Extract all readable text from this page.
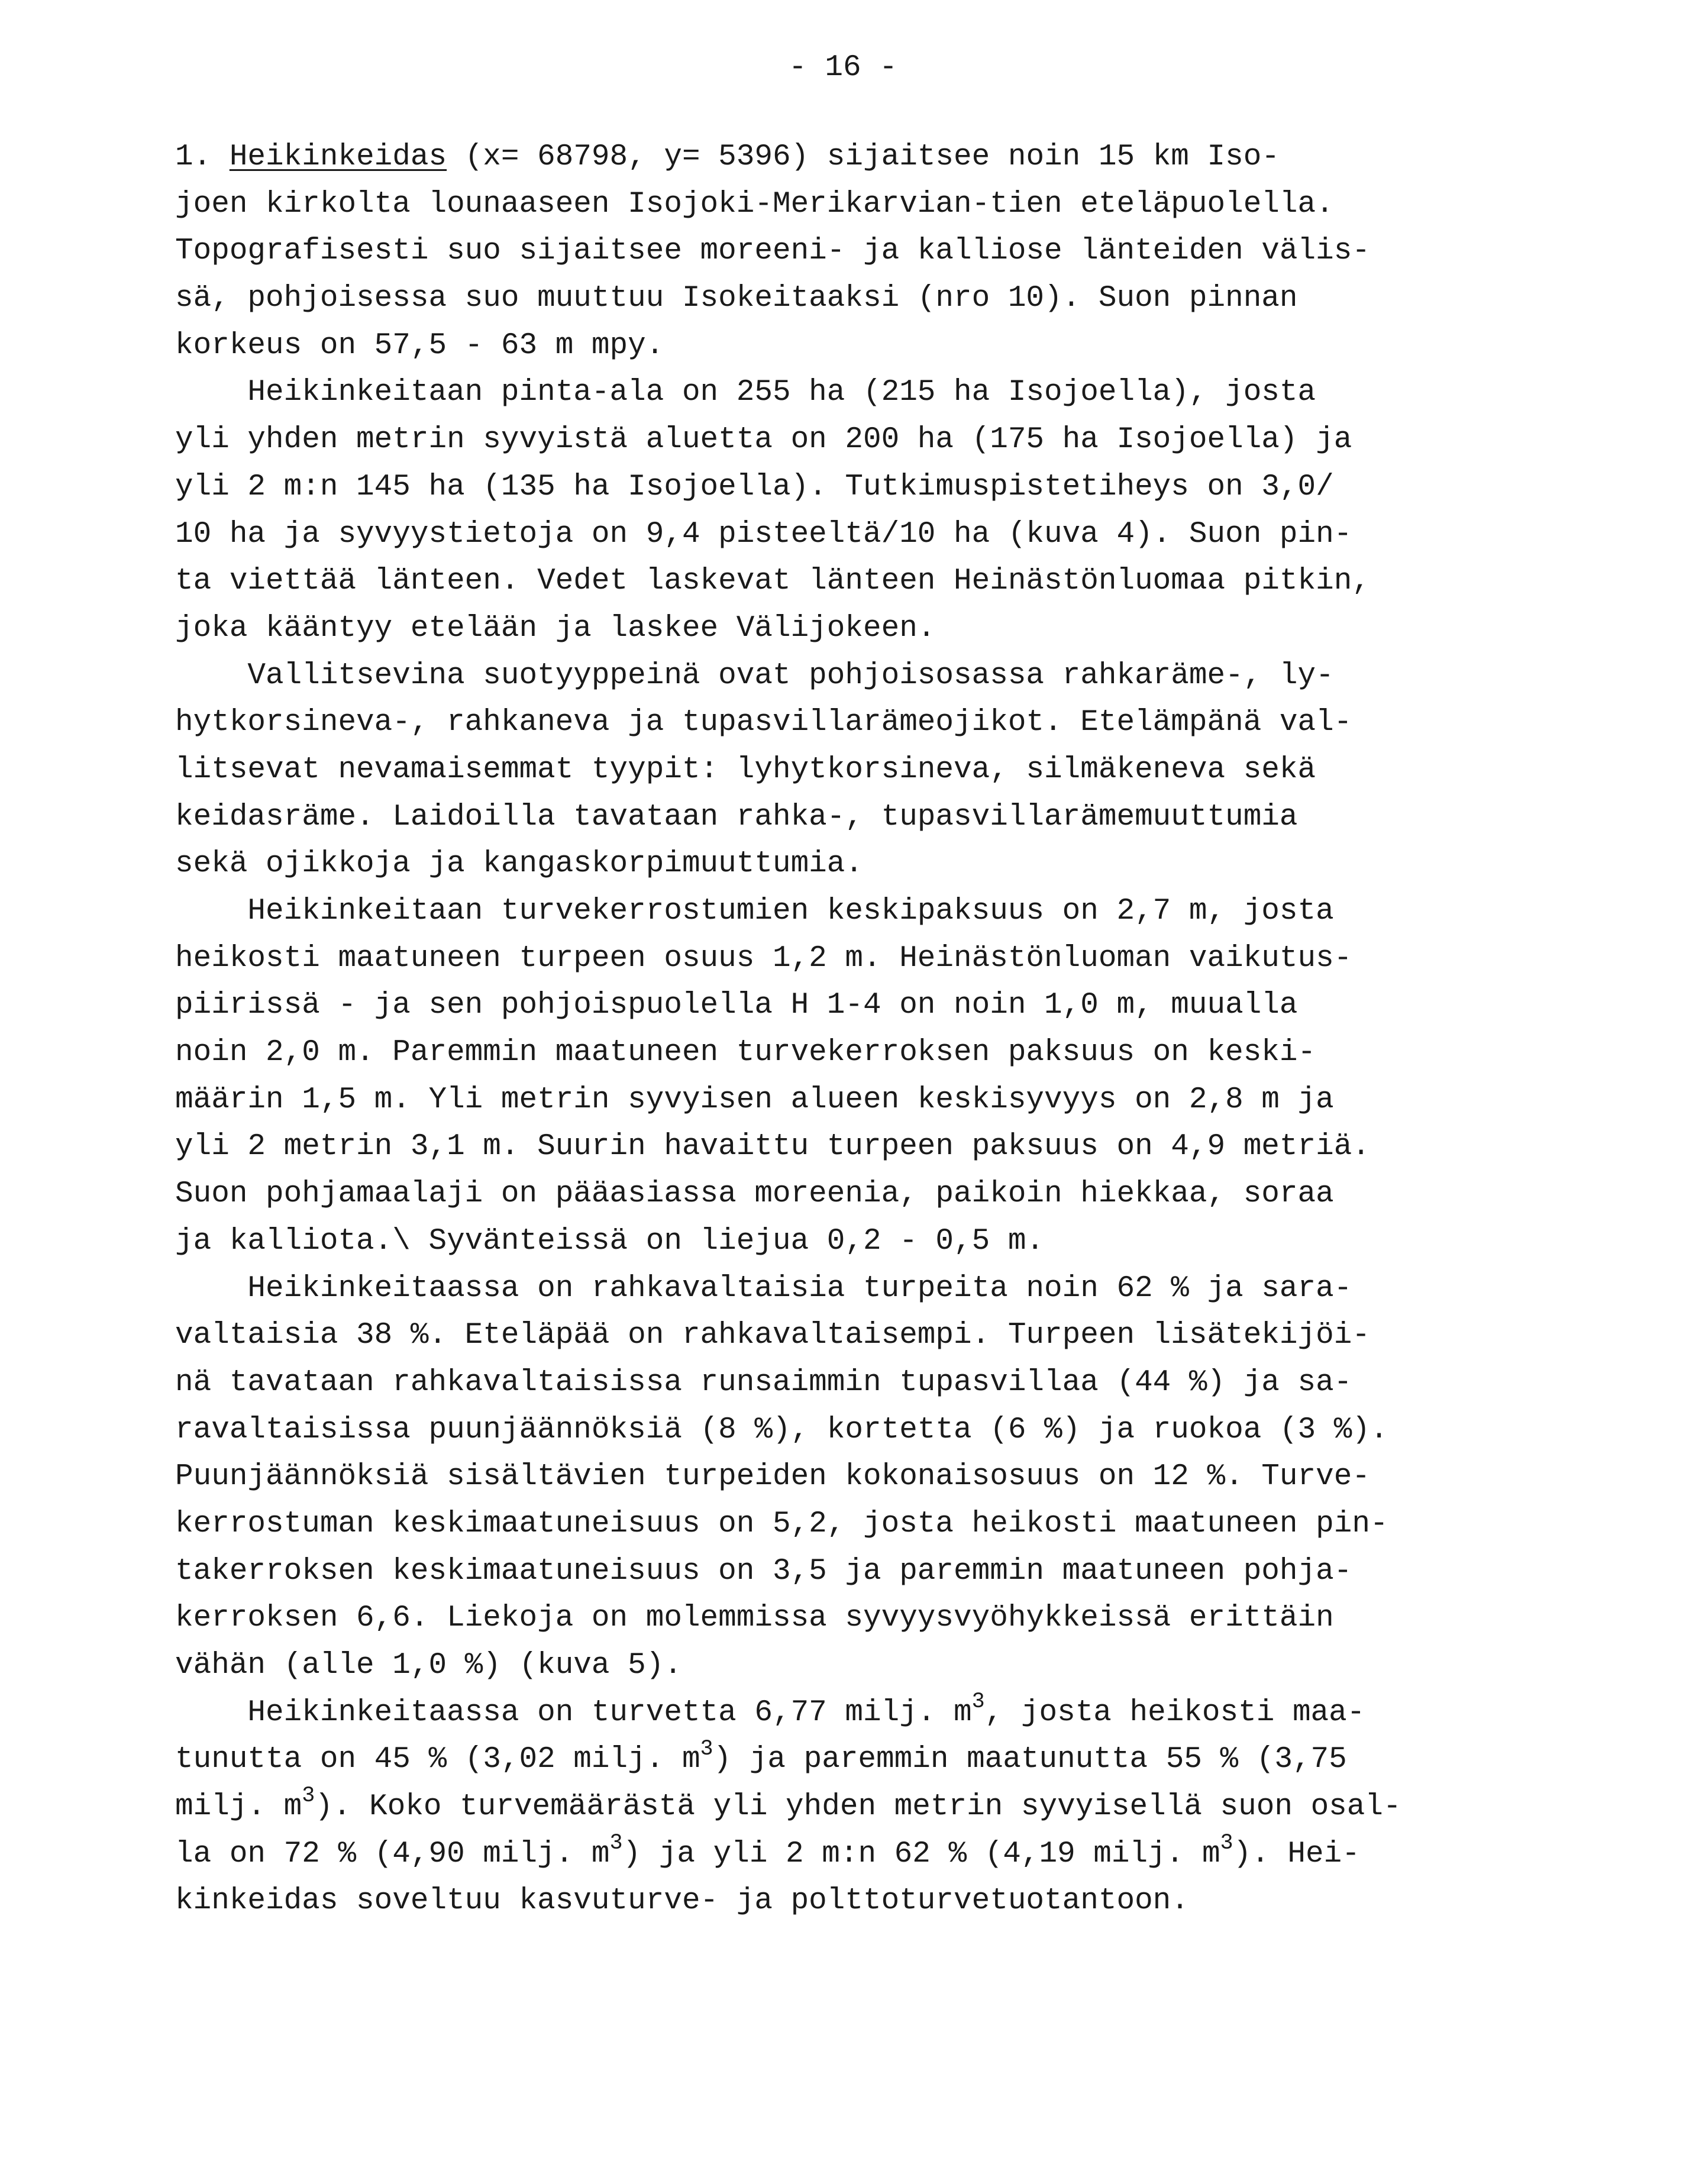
- 16 -
1. Heikinkeidas (x= 68798, y= 5396) sijaitsee noin 15 km Iso-
joen kirkolta lounaaseen Isojoki-Merikarvian-tien eteläpuolella.
Topografisesti suo sijaitsee moreeni- ja kalliose länteiden välis-
sä, pohjoisessa suo muuttuu Isokeitaaksi (nro 10). Suon pinnan
korkeus on 57,5 - 63 m mpy.
Heikinkeitaan pinta-ala on 255 ha (215 ha Isojoella), josta
yli yhden metrin syvyistä aluetta on 200 ha (175 ha Isojoella) ja
yli 2 m:n 145 ha (135 ha Isojoella). Tutkimuspistetiheys on 3,0/
10 ha ja syvyystietoja on 9,4 pisteeltä/10 ha (kuva 4). Suon pin-
ta viettää länteen. Vedet laskevat länteen Heinästönluomaa pitkin,
joka kääntyy etelään ja laskee Välijokeen.
Vallitsevina suotyyppeinä ovat pohjoisosassa rahkaräme-, ly-
hytkorsineva-, rahkaneva ja tupasvillarämeojikot. Etelämpänä val-
litsevat nevamaisemmat tyypit: lyhytkorsineva, silmäkeneva sekä
keidasräme. Laidoilla tavataan rahka-, tupasvillarämemuuttumia
sekä ojikkoja ja kangaskorpimuuttumia.
Heikinkeitaan turvekerrostumien keskipaksuus on 2,7 m, josta
heikosti maatuneen turpeen osuus 1,2 m. Heinästönluoman vaikutus-
piirissä - ja sen pohjoispuolella H 1-4 on noin 1,0 m, muualla
noin 2,0 m. Paremmin maatuneen turvekerroksen paksuus on keski-
määrin 1,5 m. Yli metrin syvyisen alueen keskisyvyys on 2,8 m ja
yli 2 metrin 3,1 m. Suurin havaittu turpeen paksuus on 4,9 metriä.
Suon pohjamaalaji on pääasiassa moreenia, paikoin hiekkaa, soraa
ja kalliota.\ Syvänteissä on liejua 0,2 - 0,5 m.
Heikinkeitaassa on rahkavaltaisia turpeita noin 62 % ja sara-
valtaisia 38 %. Eteläpää on rahkavaltaisempi. Turpeen lisätekijöi-
nä tavataan rahkavaltaisissa runsaimmin tupasvillaa (44 %) ja sa-
ravaltaisissa puunjäännöksiä (8 %), kortetta (6 %) ja ruokoa (3 %).
Puunjäännöksiä sisältävien turpeiden kokonaisosuus on 12 %. Turve-
kerrostuman keskimaatuneisuus on 5,2, josta heikosti maatuneen pin-
takerroksen keskimaatuneisuus on 3,5 ja paremmin maatuneen pohja-
kerroksen 6,6. Liekoja on molemmissa syvyysvyöhykkeissä erittäin
vähän (alle 1,0 %) (kuva 5).
Heikinkeitaassa on turvetta 6,77 milj. $m^3$, josta heikosti maa-
tunutta on 45 % (3,02 milj. $m^3$) ja paremmin maatunutta 55 % (3,75
milj. $m^3$). Koko turvemäärästä yli yhden metrin syvyisellä suon osal-
la on 72 % (4,90 milj. $m^3$) ja yli 2 m:n 62 % (4,19 milj. $m^3$). Hei-
kinkeidas soveltuu kasvuturve- ja polttoturvetuotantoon.
